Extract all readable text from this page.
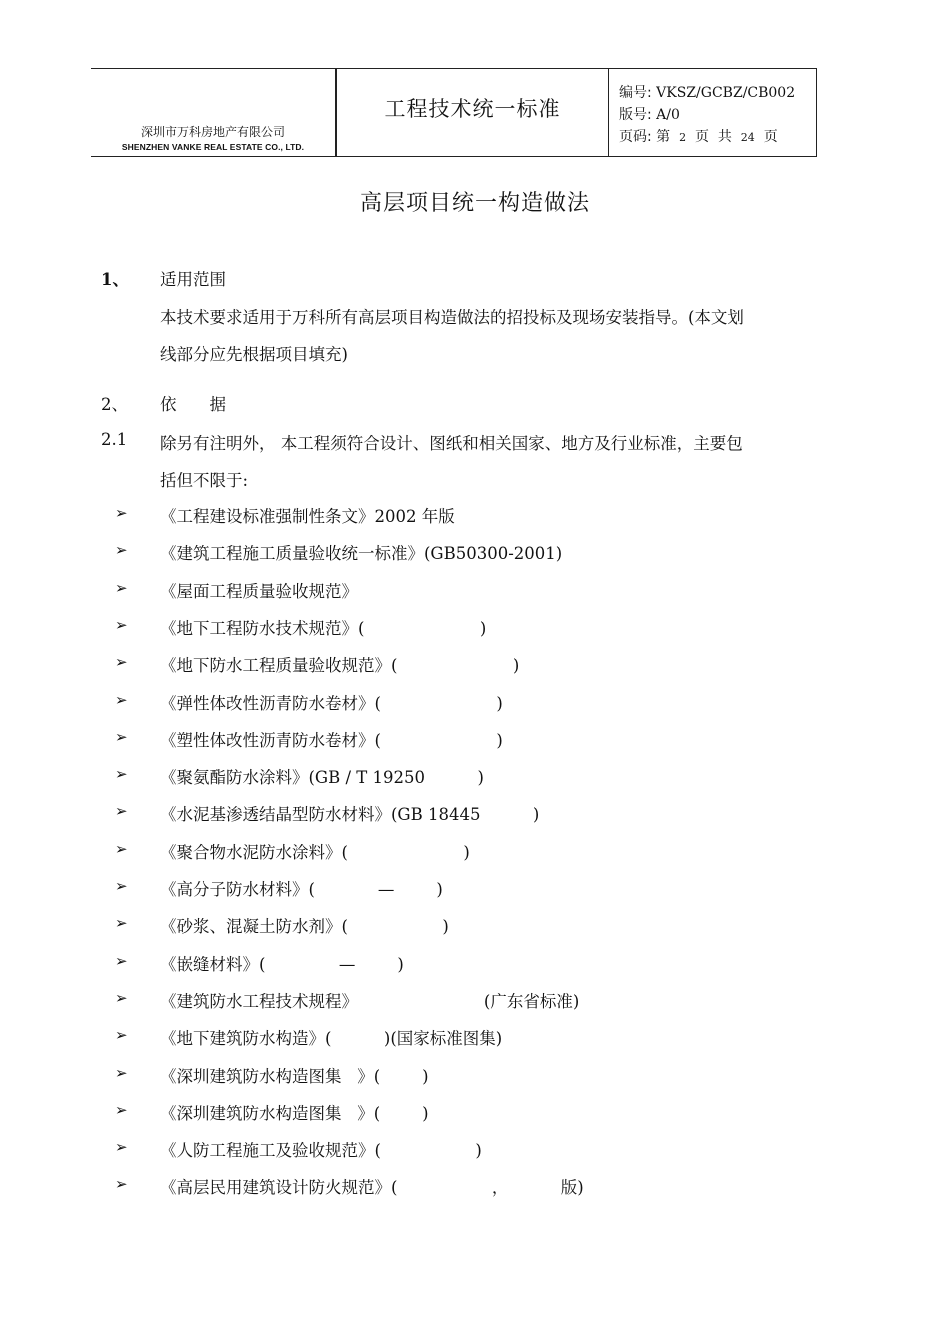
深圳市万科房地产有限公司
SHENZHEN VANKE REAL ESTATE CO., LTD.
工程技术统一标准
编号: VKSZ/GCBZ/CB002
版号: A/0
页码: 第 2 页 共 24 页
高层项目统一构造做法
1、 适用范围
本技术要求适用于万科所有高层项目构造做法的招投标及现场安装指导。(本文划
线部分应先根据项目填充)
2、 依　　据
2.1 除另有注明外， 本工程须符合设计、图纸和相关国家、地方及行业标准，主要包
括但不限于:
➢ 《工程建设标准强制性条文》2002 年版
➢ 《建筑工程施工质量验收统一标准》(GB50300-2001)
➢ 《屋面工程质量验收规范》
➢ 《地下工程防水技术规范》(                      )
➢ 《地下防水工程质量验收规范》(                      )
➢ 《弹性体改性沥青防水卷材》(                      )
➢ 《塑性体改性沥青防水卷材》(                      )
➢ 《聚氨酯防水涂料》(GB / T 19250          )
➢ 《水泥基渗透结晶型防水材料》(GB 18445          )
➢ 《聚合物水泥防水涂料》(                      )
➢ 《高分子防水材料》(            —        )
➢ 《砂浆、混凝土防水剂》(                  )
➢ 《嵌缝材料》(              —        )
➢ 《建筑防水工程技术规程》                        (广东省标准)
➢ 《地下建筑防水构造》(          )(国家标准图集)
➢ 《深圳建筑防水构造图集   》(        )
➢ 《深圳建筑防水构造图集   》(        )
➢ 《人防工程施工及验收规范》(                  )
➢ 《高层民用建筑设计防火规范》(                  ，          版)
